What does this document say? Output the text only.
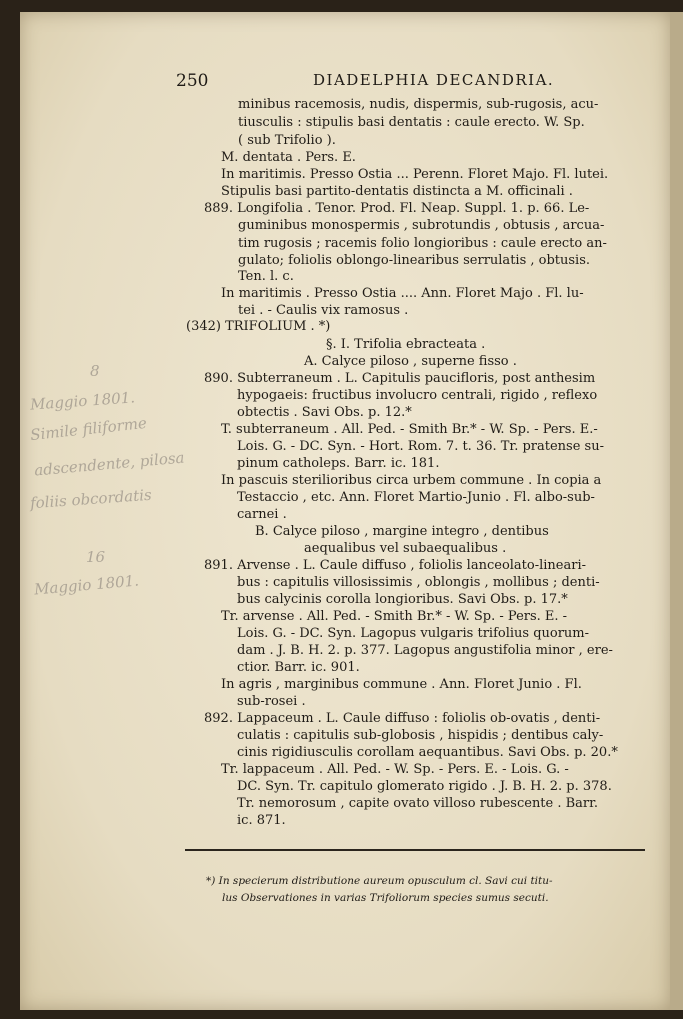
250	DIADELPHIA DECANDRIA.
minibus racemosis, nudis, dispermis, sub-rugosis, acu-
tiusculis : stipulis basi dentatis : caule erecto. W. Sp.
( sub Trifolio ).
M. dentata . Pers. E.
In maritimis. Presso Ostia ... Perenn. Floret Majo. Fl. lutei.
Stipulis basi partito-dentatis distincta a M. officinali .
889. Longifolia . Tenor. Prod. Fl. Neap. Suppl. 1. p. 66. Le-
guminibus monospermis , subrotundis , obtusis , arcua-
tim rugosis ; racemis folio longioribus : caule erecto an-
gulato; foliolis oblongo-linearibus serrulatis , obtusis.
Ten. l. c.
In maritimis . Presso Ostia .... Ann. Floret Majo . Fl. lu-
tei . - Caulis vix ramosus .
(342) TRIFOLIUM . *)
§. I. Trifolia ebracteata .
A. Calyce piloso , superne fisso .
890. Subterraneum . L. Capitulis paucifloris, post anthesim
hypogaeis: fructibus involucro centrali, rigido , reflexo
obtectis . Savi Obs. p. 12.*
T. subterraneum . All. Ped. - Smith Br.* - W. Sp. - Pers. E.-
Lois. G. - DC. Syn. - Hort. Rom. 7. t. 36. Tr. pratense su-
pinum catholeps. Barr. ic. 181.
In pascuis sterilioribus circa urbem commune . In copia a
Testaccio , etc. Ann. Floret Martio-Junio . Fl. albo-sub-
carnei .
B. Calyce piloso , margine integro , dentibus
aequalibus vel subaequalibus .
891. Arvense . L. Caule diffuso , foliolis lanceolato-lineari-
bus : capitulis villosissimis , oblongis , mollibus ; denti-
bus calycinis corolla longioribus. Savi Obs. p. 17.*
Tr. arvense . All. Ped. - Smith Br.* - W. Sp. - Pers. E. -
Lois. G. - DC. Syn. Lagopus vulgaris trifolius quorum-
dam . J. B. H. 2. p. 377. Lagopus angustifolia minor , ere-
ctior. Barr. ic. 901.
In agris , marginibus commune . Ann. Floret Junio . Fl.
sub-rosei .
892. Lappaceum . L. Caule diffuso : foliolis ob-ovatis , denti-
culatis : capitulis sub-globosis , hispidis ; dentibus caly-
cinis rigidiusculis corollam aequantibus. Savi Obs. p. 20.*
Tr. lappaceum . All. Ped. - W. Sp. - Pers. E. - Lois. G. -
DC. Syn. Tr. capitulo glomerato rigido . J. B. H. 2. p. 378.
Tr. nemorosum , capite ovato villoso rubescente . Barr.
ic. 871.
*) In specierum distributione aureum opusculum cl. Savi cui titu-
lus Observationes in varias Trifoliorum species sumus secuti.
8
Maggio 1801.
Simile filiforme
adscendente, pilosa
foliis obcordatis
16
Maggio 1801.
